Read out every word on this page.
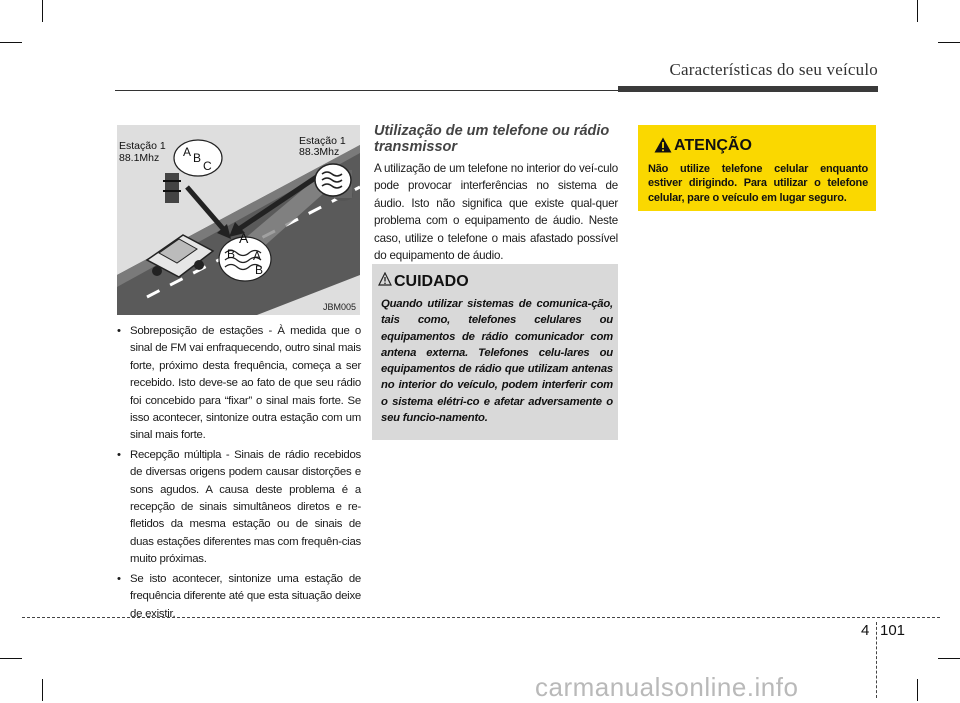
Características do seu veículo
Estação 1
88.1Mhz
Estação 1
88.3Mhz
A B
C
A
B A
B
JBM005
• Sobreposição de estações - À medida que o sinal de FM vai enfraquecendo, outro sinal mais forte, próximo desta frequência, começa a ser recebido. Isto deve-se ao fato de que seu rádio foi concebido para “fixar” o sinal mais forte. Se isso acontecer, sintonize outra estação com um sinal mais forte.
• Recepção múltipla - Sinais de rádio recebidos de diversas origens podem causar distorções e sons agudos. A causa deste problema é a recepção de sinais simultâneos diretos e re-fletidos da mesma estação ou de sinais de duas estações diferentes mas com frequên-cias muito próximas.
• Se isto acontecer, sintonize uma estação de frequência diferente até que esta situação deixe de existir.
Utilização de um telefone ou rádio transmissor
A utilização de um telefone no interior do veí-culo pode provocar interferências no sistema de áudio. Isto não significa que existe qual-quer problema com o equipamento de áudio. Neste caso, utilize o telefone o mais afastado possível do equipamento de áudio.
CUIDADO
Quando utilizar sistemas de comunica-ção, tais como, telefones celulares ou equipamentos de rádio comunicador com antena externa. Telefones celu-lares ou equipamentos de rádio que utilizam antenas no interior do veículo, podem interferir com o sistema elétri-co e afetar adversamente o seu funcio-namento.
ATENÇÃO
Não utilize telefone celular enquanto estiver dirigindo. Para utilizar o telefone celular, pare o veículo em lugar seguro.
4 101
carmanualsonline.info
